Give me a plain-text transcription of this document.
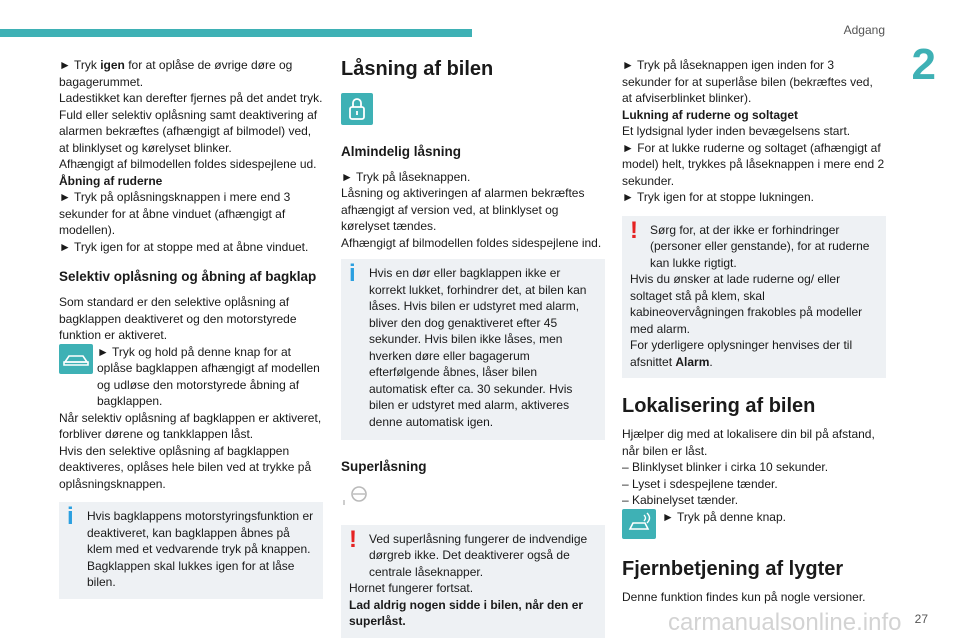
Adgang
2

► Tryk igen for at oplåse de øvrige døre og bagagerummet.

Ladestikket kan derefter fjernes på det andet tryk.

Fuld eller selektiv oplåsning samt deaktivering af alarmen bekræftes (afhængigt af bilmodel) ved, at blinklyset og kørelyset blinker.

Afhængigt af bilmodellen foldes sidespejlene ud.

Åbning af ruderne

► Tryk på oplåsningsknappen i mere end 3 sekunder for at åbne vinduet (afhængigt af modellen).

► Tryk igen for at stoppe med at åbne vinduet.

Selektiv oplåsning og åbning af bagklap

Som standard er den selektive oplåsning af bagklappen deaktiveret og den motorstyrede funktion er aktiveret.

► Tryk og hold på denne knap for at oplåse bagklappen afhængigt af modellen og udløse den motorstyrede åbning af bagklappen.

Når selektiv oplåsning af bagklappen er aktiveret, forbliver dørene og tankklappen låst.

Hvis den selektive oplåsning af bagklappen deaktiveres, oplåses hele bilen ved at trykke på oplåsningsknappen.

i	Hvis bagklappens motorstyringsfunktion er deaktiveret, kan bagklappen åbnes på klem med et vedvarende tryk på knappen. Bagklappen skal lukkes igen for at låse bilen.

Låsning af bilen
Almindelig låsning

► Tryk på låseknappen.

Låsning og aktiveringen af alarmen bekræftes afhængigt af version ved, at blinklyset og kørelyset tændes.

Afhængigt af bilmodellen foldes sidespejlene ind.

i	Hvis en dør eller bagklappen ikke er korrekt lukket, forhindrer det, at bilen kan låses. Hvis bilen er udstyret med alarm, bliver den dog genaktiveret efter 45 sekunder. Hvis bilen ikke låses, men hverken døre eller bagagerum efterfølgende åbnes, låser bilen automatisk efter ca. 30 sekunder. Hvis bilen er udstyret med alarm, aktiveres denne automatisk igen.

Superlåsning
!	Ved superlåsning fungerer de indvendige dørgreb ikke. Det deaktiverer også de centrale låseknapper.

Hornet fungerer fortsat.

Lad aldrig nogen sidde i bilen, når den er superlåst.

► Tryk på låseknappen igen inden for 3 sekunder for at superlåse bilen (bekræftes ved, at afviserblinket blinker).

Lukning af ruderne og soltaget

Et lydsignal lyder inden bevægelsens start.

► For at lukke ruderne og soltaget (afhængigt af model) helt, trykkes på låseknappen i mere end 2 sekunder.

► Tryk igen for at stoppe lukningen.

!	Sørg for, at der ikke er forhindringer (personer eller genstande), for at ruderne kan lukke rigtigt.

Hvis du ønsker at lade ruderne og/ eller soltaget stå på klem, skal kabineovervågningen frakobles på modeller med alarm.

For yderligere oplysninger henvises der til afsnittet Alarm.

Lokalisering af bilen

Hjælper dig med at lokalisere din bil på afstand, når bilen er låst.

– Blinklyset blinker i cirka 10 sekunder.

– Lyset i sdespejlene tænder.

– Kabinelyset tænder.

► Tryk på denne knap.

Fjernbetjening af lygter

Denne funktion findes kun på nogle versioner.

carmanualsonline.info 27
